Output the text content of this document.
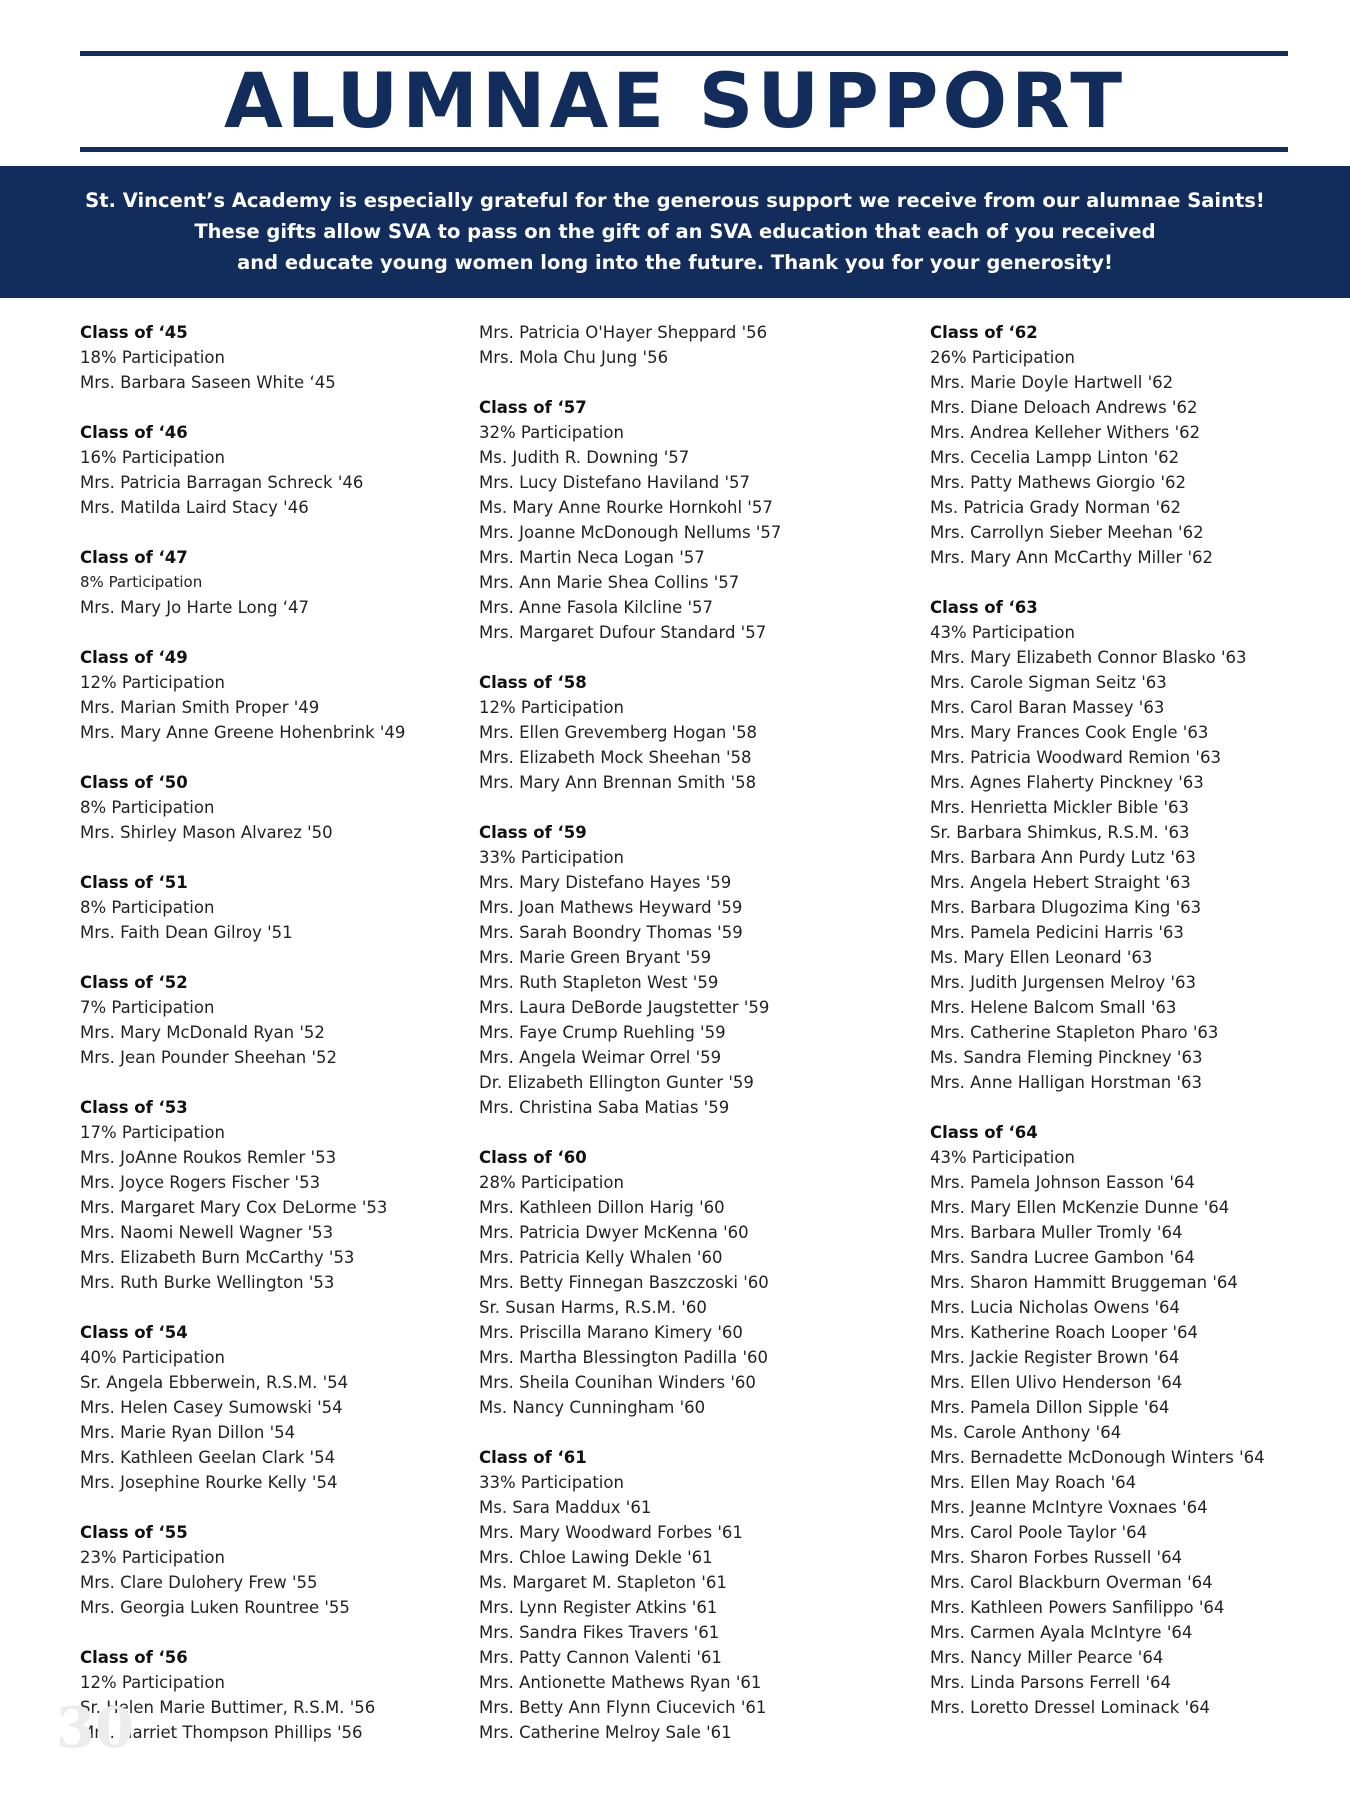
ALUMNAE SUPPORT
St. Vincent’s Academy is especially grateful for the generous support we receive from our alumnae Saints!
These gifts allow SVA to pass on the gift of an SVA education that each of you received
and educate young women long into the future. Thank you for your generosity!
Class of ‘45
18% Participation
Mrs. Barbara Saseen White ‘45
Class of ‘46
16% Participation
Mrs. Patricia Barragan Schreck '46
Mrs. Matilda Laird Stacy '46
Class of ‘47
8% Participation
Mrs. Mary Jo Harte Long ‘47
Class of ‘49
12% Participation
Mrs. Marian Smith Proper '49
Mrs. Mary Anne Greene Hohenbrink '49
Class of ‘50
8% Participation
Mrs. Shirley Mason Alvarez '50
Class of ‘51
8% Participation
Mrs. Faith Dean Gilroy '51
Class of ‘52
7% Participation
Mrs. Mary McDonald Ryan '52
Mrs. Jean Pounder Sheehan '52
Class of ‘53
17% Participation
Mrs. JoAnne Roukos Remler '53
Mrs. Joyce Rogers Fischer '53
Mrs. Margaret Mary Cox DeLorme '53
Mrs. Naomi Newell Wagner '53
Mrs. Elizabeth Burn McCarthy '53
Mrs. Ruth Burke Wellington '53
Class of ‘54
40% Participation
Sr. Angela Ebberwein, R.S.M. '54
Mrs. Helen Casey Sumowski '54
Mrs. Marie Ryan Dillon '54
Mrs. Kathleen Geelan Clark '54
Mrs. Josephine Rourke Kelly '54
Class of ‘55
23% Participation
Mrs. Clare Dulohery Frew '55
Mrs. Georgia Luken Rountree '55
Class of ‘56
12% Participation
Sr. Helen Marie Buttimer, R.S.M. '56
Mrs. Harriet Thompson Phillips '56
Mrs. Patricia O'Hayer Sheppard '56
Mrs. Mola Chu Jung '56
Class of ‘57
32% Participation
Ms. Judith R. Downing '57
Mrs. Lucy Distefano Haviland '57
Ms. Mary Anne Rourke Hornkohl '57
Mrs. Joanne McDonough Nellums '57
Mrs. Martin Neca Logan '57
Mrs. Ann Marie Shea Collins '57
Mrs. Anne Fasola Kilcline '57
Mrs. Margaret Dufour Standard '57
Class of ‘58
12% Participation
Mrs. Ellen Grevemberg Hogan '58
Mrs. Elizabeth Mock Sheehan '58
Mrs. Mary Ann Brennan Smith '58
Class of ‘59
33% Participation
Mrs. Mary Distefano Hayes '59
Mrs. Joan Mathews Heyward '59
Mrs. Sarah Boondry Thomas '59
Mrs. Marie Green Bryant '59
Mrs. Ruth Stapleton West '59
Mrs. Laura DeBorde Jaugstetter '59
Mrs. Faye Crump Ruehling '59
Mrs. Angela Weimar Orrel '59
Dr. Elizabeth Ellington Gunter '59
Mrs. Christina Saba Matias '59
Class of ‘60
28% Participation
Mrs. Kathleen Dillon Harig '60
Mrs. Patricia Dwyer McKenna '60
Mrs. Patricia Kelly Whalen '60
Mrs. Betty Finnegan Baszczoski '60
Sr. Susan Harms, R.S.M. '60
Mrs. Priscilla Marano Kimery '60
Mrs. Martha Blessington Padilla '60
Mrs. Sheila Counihan Winders '60
Ms. Nancy Cunningham '60
Class of ‘61
33% Participation
Ms. Sara Maddux '61
Mrs. Mary Woodward Forbes '61
Mrs. Chloe Lawing Dekle '61
Ms. Margaret M. Stapleton '61
Mrs. Lynn Register Atkins '61
Mrs. Sandra Fikes Travers '61
Mrs. Patty Cannon Valenti '61
Mrs. Antionette Mathews Ryan '61
Mrs. Betty Ann Flynn Ciucevich '61
Mrs. Catherine Melroy Sale '61
Class of ‘62
26% Participation
Mrs. Marie Doyle Hartwell '62
Mrs. Diane Deloach Andrews '62
Mrs. Andrea Kelleher Withers '62
Mrs. Cecelia Lampp Linton '62
Mrs. Patty Mathews Giorgio '62
Ms. Patricia Grady Norman '62
Mrs. Carrollyn Sieber Meehan '62
Mrs. Mary Ann McCarthy Miller '62
Class of ‘63
43% Participation
Mrs. Mary Elizabeth Connor Blasko '63
Mrs. Carole Sigman Seitz '63
Mrs. Carol Baran Massey '63
Mrs. Mary Frances Cook Engle '63
Mrs. Patricia Woodward Remion '63
Mrs. Agnes Flaherty Pinckney '63
Mrs. Henrietta Mickler Bible '63
Sr. Barbara Shimkus, R.S.M. '63
Mrs. Barbara Ann Purdy Lutz '63
Mrs. Angela Hebert Straight '63
Mrs. Barbara Dlugozima King '63
Mrs. Pamela Pedicini Harris '63
Ms. Mary Ellen Leonard '63
Mrs. Judith Jurgensen Melroy '63
Mrs. Helene Balcom Small '63
Mrs. Catherine Stapleton Pharo '63
Ms. Sandra Fleming Pinckney '63
Mrs. Anne Halligan Horstman '63
Class of ‘64
43% Participation
Mrs. Pamela Johnson Easson '64
Mrs. Mary Ellen McKenzie Dunne '64
Mrs. Barbara Muller Tromly '64
Mrs. Sandra Lucree Gambon '64
Mrs. Sharon Hammitt Bruggeman '64
Mrs. Lucia Nicholas Owens '64
Mrs. Katherine Roach Looper '64
Mrs. Jackie Register Brown '64
Mrs. Ellen Ulivo Henderson '64
Mrs. Pamela Dillon Sipple '64
Ms. Carole Anthony '64
Mrs. Bernadette McDonough Winters '64
Mrs. Ellen May Roach '64
Mrs. Jeanne McIntyre Voxnaes '64
Mrs. Carol Poole Taylor '64
Mrs. Sharon Forbes Russell '64
Mrs. Carol Blackburn Overman '64
Mrs. Kathleen Powers Sanfilippo '64
Mrs. Carmen Ayala McIntyre '64
Mrs. Nancy Miller Pearce '64
Mrs. Linda Parsons Ferrell '64
Mrs. Loretto Dressel Lominack '64
30
